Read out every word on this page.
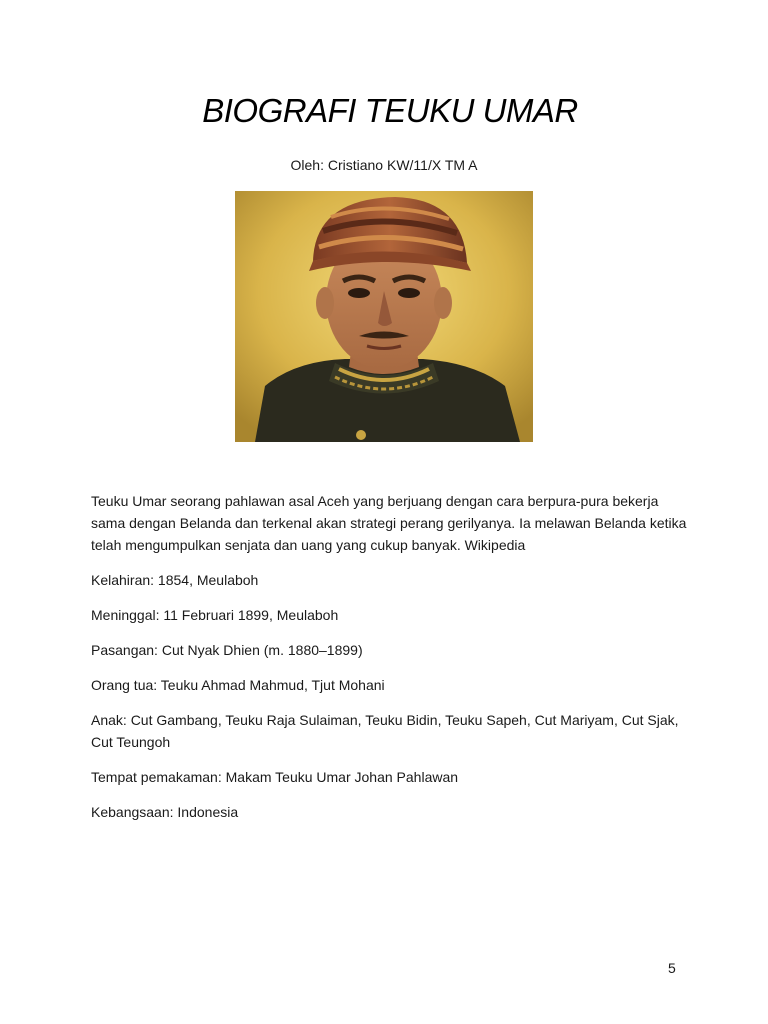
BIOGRAFI TEUKU UMAR
Oleh: Cristiano KW/11/X TM A

Teuku Umar seorang pahlawan asal Aceh yang berjuang dengan cara berpura-pura bekerja sama dengan Belanda dan terkenal akan strategi perang gerilyanya. Ia melawan Belanda ketika telah mengumpulkan senjata dan uang yang cukup banyak. Wikipedia

Kelahiran: 1854, Meulaboh

Meninggal: 11 Februari 1899, Meulaboh

Pasangan: Cut Nyak Dhien (m. 1880–1899)

Orang tua: Teuku Ahmad Mahmud, Tjut Mohani

Anak: Cut Gambang, Teuku Raja Sulaiman, Teuku Bidin, Teuku Sapeh, Cut Mariyam, Cut Sjak, Cut Teungoh

Tempat pemakaman: Makam Teuku Umar Johan Pahlawan

Kebangsaan: Indonesia

5
